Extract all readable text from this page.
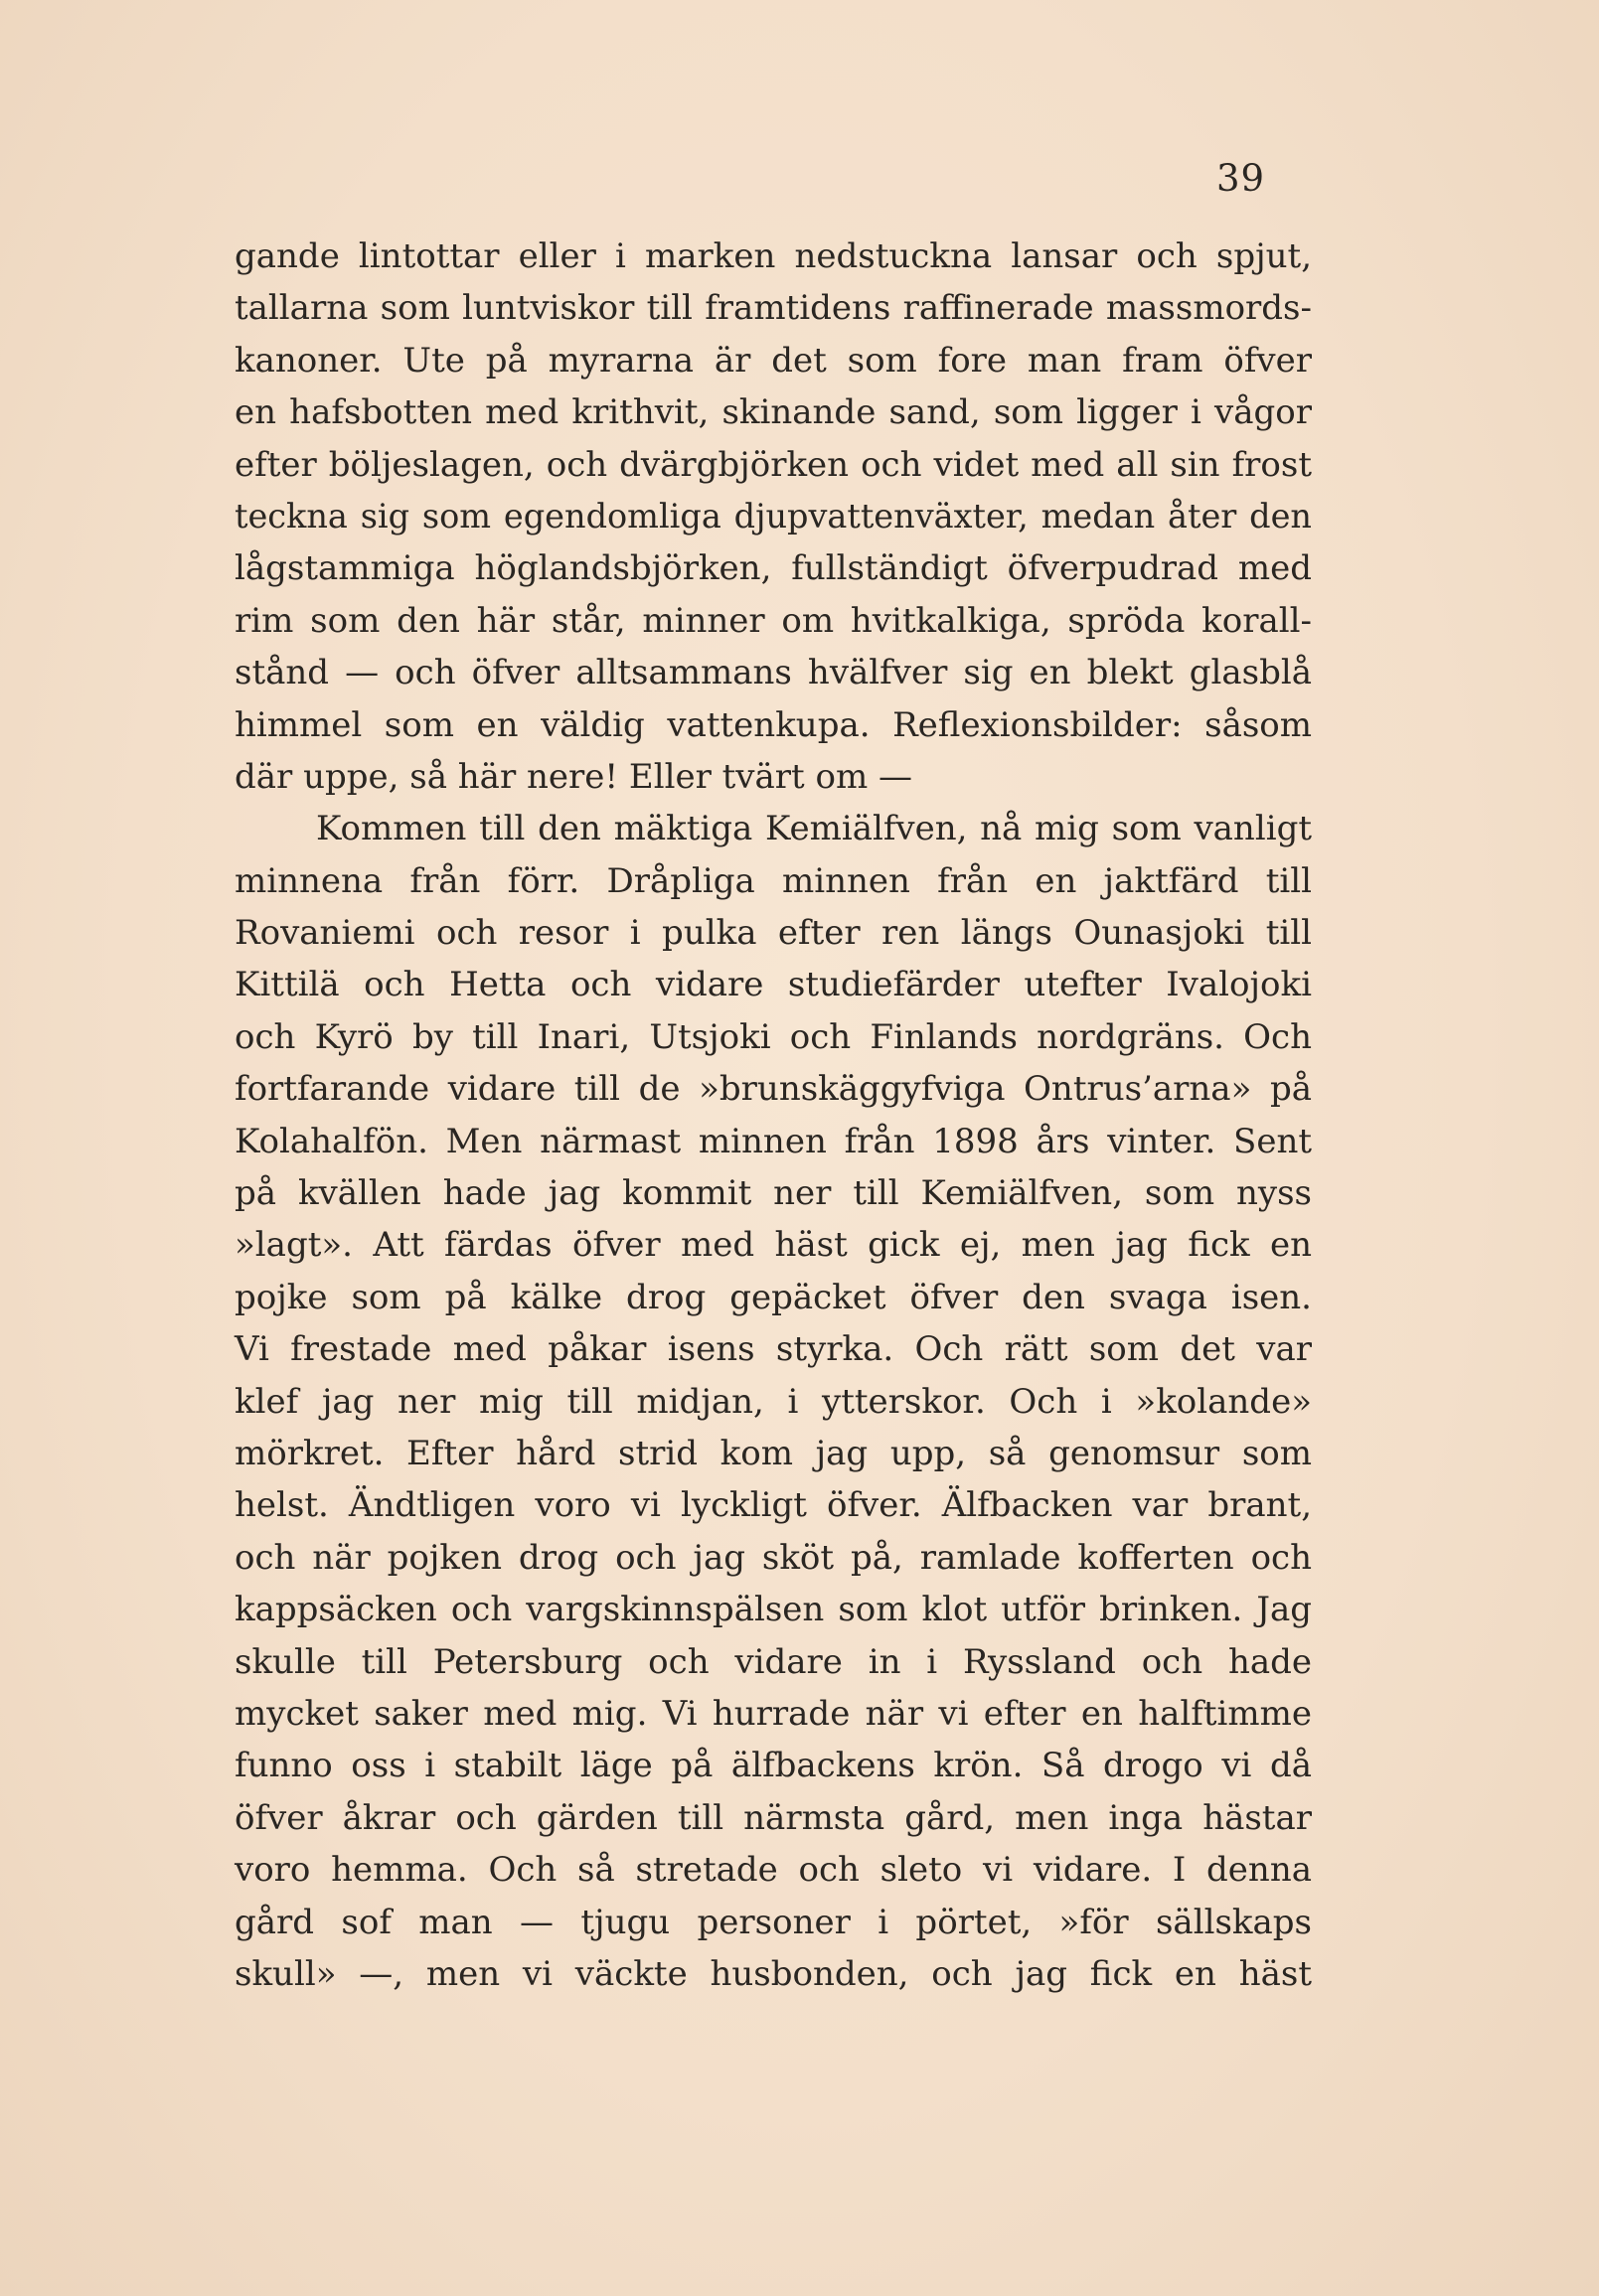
39
gande lintottar eller i marken nedstuckna lansar och spjut,
tallarna som luntviskor till framtidens raffinerade massmords-
kanoner. Ute på myrarna är det som fore man fram öfver
en hafsbotten med krithvit, skinande sand, som ligger i vågor
efter böljeslagen, och dvärgbjörken och videt med all sin frost
teckna sig som egendomliga djupvattenväxter, medan åter den
lågstammiga höglandsbjörken, fullständigt öfverpudrad med
rim som den här står, minner om hvitkalkiga, spröda korall-
stånd — och öfver alltsammans hvälfver sig en blekt glasblå
himmel som en väldig vattenkupa. Reflexionsbilder: såsom
där uppe, så här nere! Eller tvärt om —
Kommen till den mäktiga Kemiälfven, nå mig som vanligt
minnena från förr. Dråpliga minnen från en jaktfärd till
Rovaniemi och resor i pulka efter ren längs Ounasjoki till
Kittilä och Hetta och vidare studiefärder utefter Ivalojoki
och Kyrö by till Inari, Utsjoki och Finlands nordgräns. Och
fortfarande vidare till de »brunskäggyfviga Ontrus’arna» på
Kolahalfön. Men närmast minnen från 1898 års vinter. Sent
på kvällen hade jag kommit ner till Kemiälfven, som nyss
»lagt». Att färdas öfver med häst gick ej, men jag fick en
pojke som på kälke drog gepäcket öfver den svaga isen.
Vi frestade med påkar isens styrka. Och rätt som det var
klef jag ner mig till midjan, i ytterskor. Och i »kolande»
mörkret. Efter hård strid kom jag upp, så genomsur som
helst. Ändtligen voro vi lyckligt öfver. Älfbacken var brant,
och när pojken drog och jag sköt på, ramlade kofferten och
kappsäcken och vargskinnspälsen som klot utför brinken. Jag
skulle till Petersburg och vidare in i Ryssland och hade
mycket saker med mig. Vi hurrade när vi efter en halftimme
funno oss i stabilt läge på älfbackens krön. Så drogo vi då
öfver åkrar och gärden till närmsta gård, men inga hästar
voro hemma. Och så stretade och sleto vi vidare. I denna
gård sof man — tjugu personer i pörtet, »för sällskaps
skull» —, men vi väckte husbonden, och jag fick en häst
